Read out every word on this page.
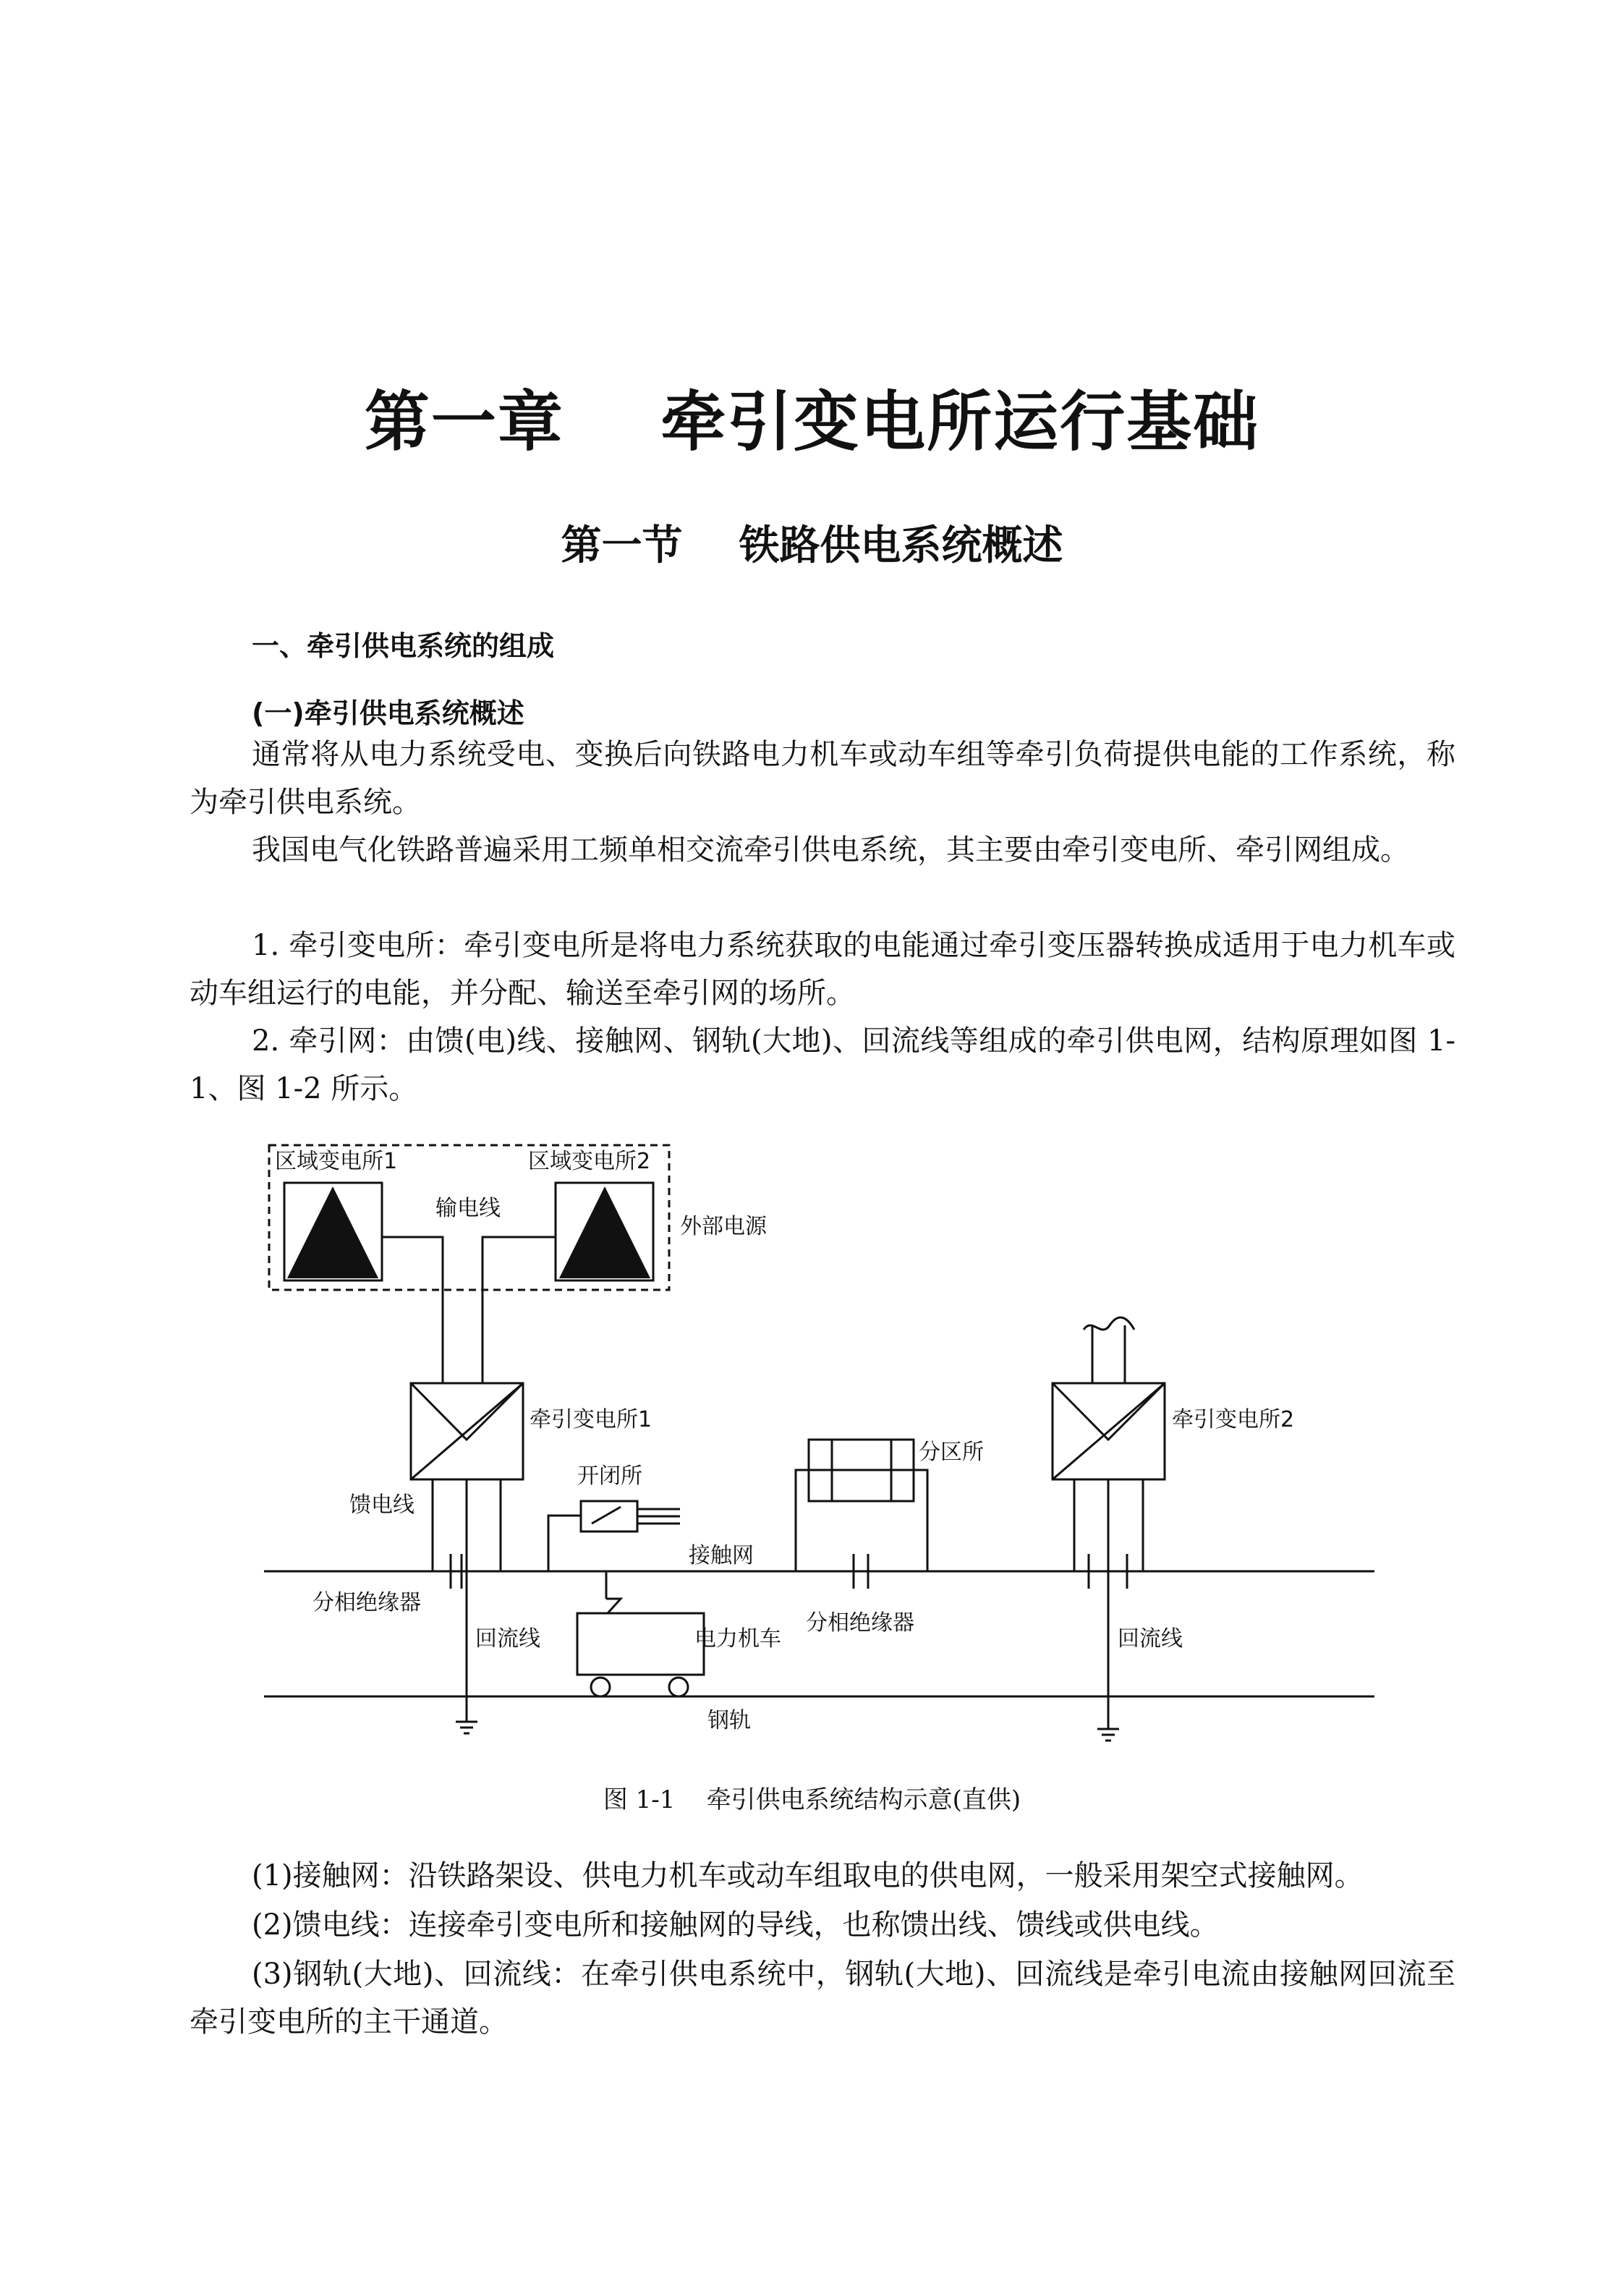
第一章    牵引变电所运行基础
第一节    铁路供电系统概述
一、牵引供电系统的组成
(一)牵引供电系统概述

通常将从电力系统受电、变换后向铁路电力机车或动车组等牵引负荷提供电能的工作系统，称为牵引供电系统。

我国电气化铁路普遍采用工频单相交流牵引供电系统，其主要由牵引变电所、牵引网组成。

1. 牵引变电所：牵引变电所是将电力系统获取的电能通过牵引变压器转换成适用于电力机车或动车组运行的电能，并分配、输送至牵引网的场所。

2. 牵引网：由馈(电)线、接触网、钢轨(大地)、回流线等组成的牵引供电网，结构原理如图 1-1、图 1-2 所示。

区域变电所1	区域变电所2
输电线
外部电源
牵引变电所1	牵引变电所2
开闭所
分区所
馈电线
接触网
分相绝缘器
分相绝缘器
回流线	回流线
电力机车
钢轨

图 1-1    牵引供电系统结构示意(直供)

(1)接触网：沿铁路架设、供电力机车或动车组取电的供电网，一般采用架空式接触网。

(2)馈电线：连接牵引变电所和接触网的导线，也称馈出线、馈线或供电线。

(3)钢轨(大地)、回流线：在牵引供电系统中，钢轨(大地)、回流线是牵引电流由接触网回流至牵引变电所的主干通道。
